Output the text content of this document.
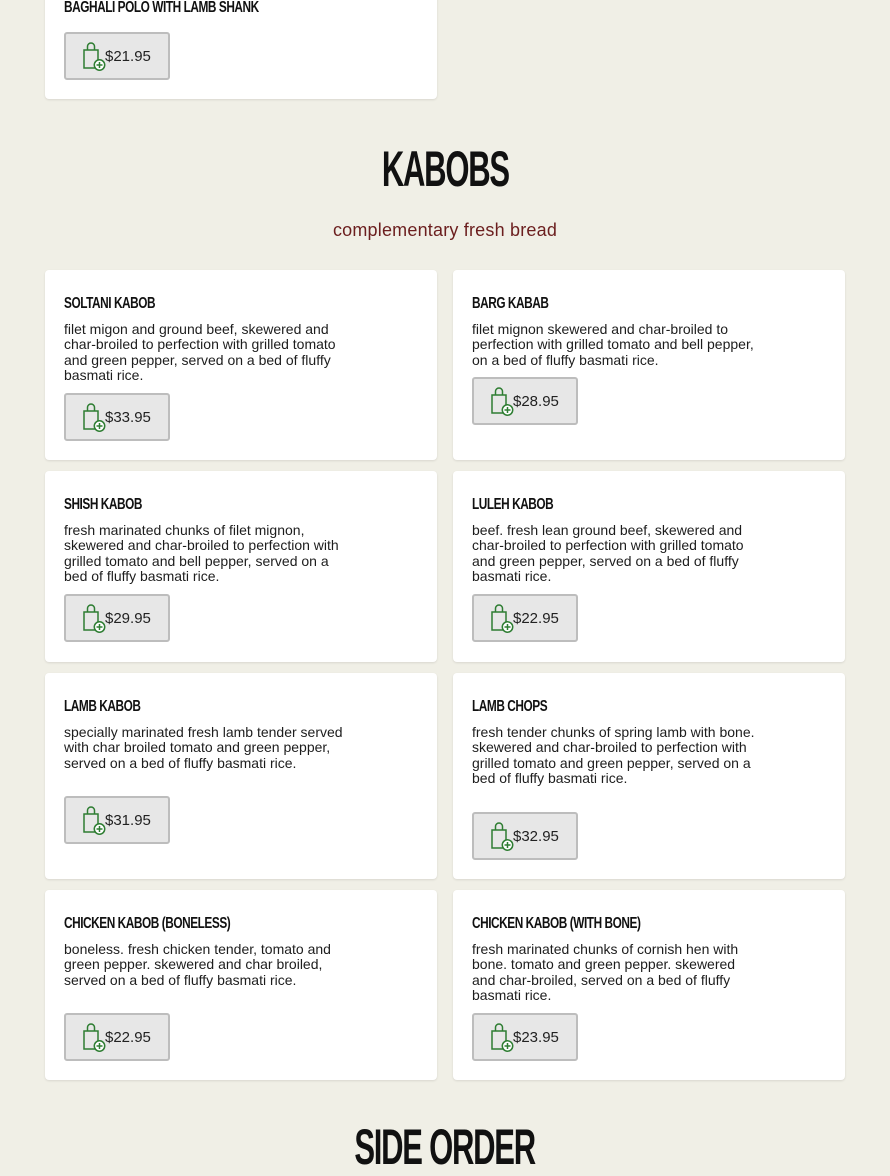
BAGHALI POLO WITH LAMB SHANK
$21.95
KABOBS
complementary fresh bread
SOLTANI KABOB
filet migon and ground beef, skewered and char-broiled to perfection with grilled tomato and green pepper, served on a bed of fluffy basmati rice.
$33.95
BARG KABAB
filet mignon skewered and char-broiled to perfection with grilled tomato and bell pepper, on a bed of fluffy basmati rice.
$28.95
SHISH KABOB
fresh marinated chunks of filet mignon, skewered and char-broiled to perfection with grilled tomato and bell pepper, served on a bed of fluffy basmati rice.
$29.95
LULEH KABOB
beef. fresh lean ground beef, skewered and char-broiled to perfection with grilled tomato and green pepper, served on a bed of fluffy basmati rice.
$22.95
LAMB KABOB
specially marinated fresh lamb tender served with char broiled tomato and green pepper, served on a bed of fluffy basmati rice.
$31.95
LAMB CHOPS
fresh tender chunks of spring lamb with bone. skewered and char-broiled to perfection with grilled tomato and green pepper, served on a bed of fluffy basmati rice.
$32.95
CHICKEN KABOB (BONELESS)
boneless. fresh chicken tender, tomato and green pepper. skewered and char broiled, served on a bed of fluffy basmati rice.
$22.95
CHICKEN KABOB (WITH BONE)
fresh marinated chunks of cornish hen with bone. tomato and green pepper. skewered and char-broiled, served on a bed of fluffy basmati rice.
$23.95
SIDE ORDER
